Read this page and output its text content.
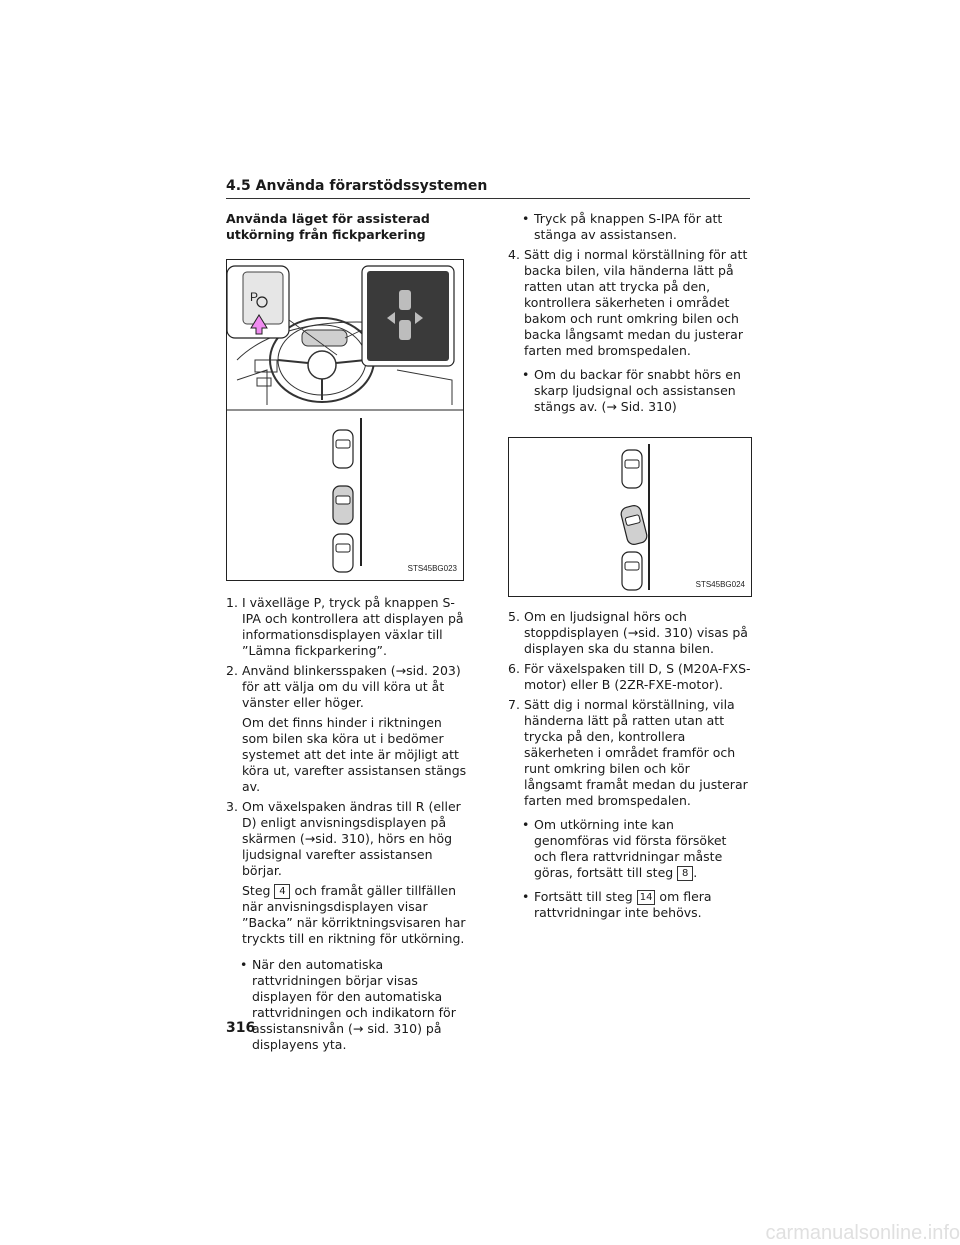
4.5 Använda förarstödssystemen

Använda läget för assisterad utkörning från fickparkering

P
STS45BG023
1. I växelläge P, tryck på knappen S-IPA och kontrollera att displayen på informationsdisplayen växlar till ”Lämna fickparkering”.
2. Använd blinkersspaken (→sid. 203) för att välja om du vill köra ut åt vänster eller höger.

Om det finns hinder i riktningen som bilen ska köra ut i bedömer systemet att det inte är möjligt att köra ut, varefter assistansen stängs av.

3. Om växelspaken ändras till R (eller D) enligt anvisningsdisplayen på skärmen (→sid. 310), hörs en hög ljudsignal varefter assistansen börjar.

Steg 4 och framåt gäller tillfällen när anvisningsdisplayen visar ”Backa” när körriktningsvisaren har tryckts till en riktning för utkörning.

• När den automatiska rattvridningen börjar visas displayen för den automatiska rattvridningen och indikatorn för assistansnivån (→ sid. 310) på displayens yta.
• Tryck på knappen S-IPA för att stänga av assistansen.
4. Sätt dig i normal körställning för att backa bilen, vila händerna lätt på ratten utan att trycka på den, kontrollera säkerheten i området bakom och runt omkring bilen och backa långsamt medan du justerar farten med bromspedalen.
• Om du backar för snabbt hörs en skarp ljudsignal och assistansen stängs av. (→ Sid. 310)
STS45BG024
5. Om en ljudsignal hörs och stoppdisplayen (→sid. 310) visas på displayen ska du stanna bilen.
6. För växelspaken till D, S (M20A-FXS-motor) eller B (2ZR-FXE-motor).
7. Sätt dig i normal körställning, vila händerna lätt på ratten utan att trycka på den, kontrollera säkerheten i området framför och runt omkring bilen och kör långsamt framåt medan du justerar farten med bromspedalen.
• Om utkörning inte kan genomföras vid första försöket och flera rattvridningar måste göras, fortsätt till steg 8 .
• Fortsätt till steg 14 om flera rattvridningar inte behövs.
316
carmanualsonline.info
